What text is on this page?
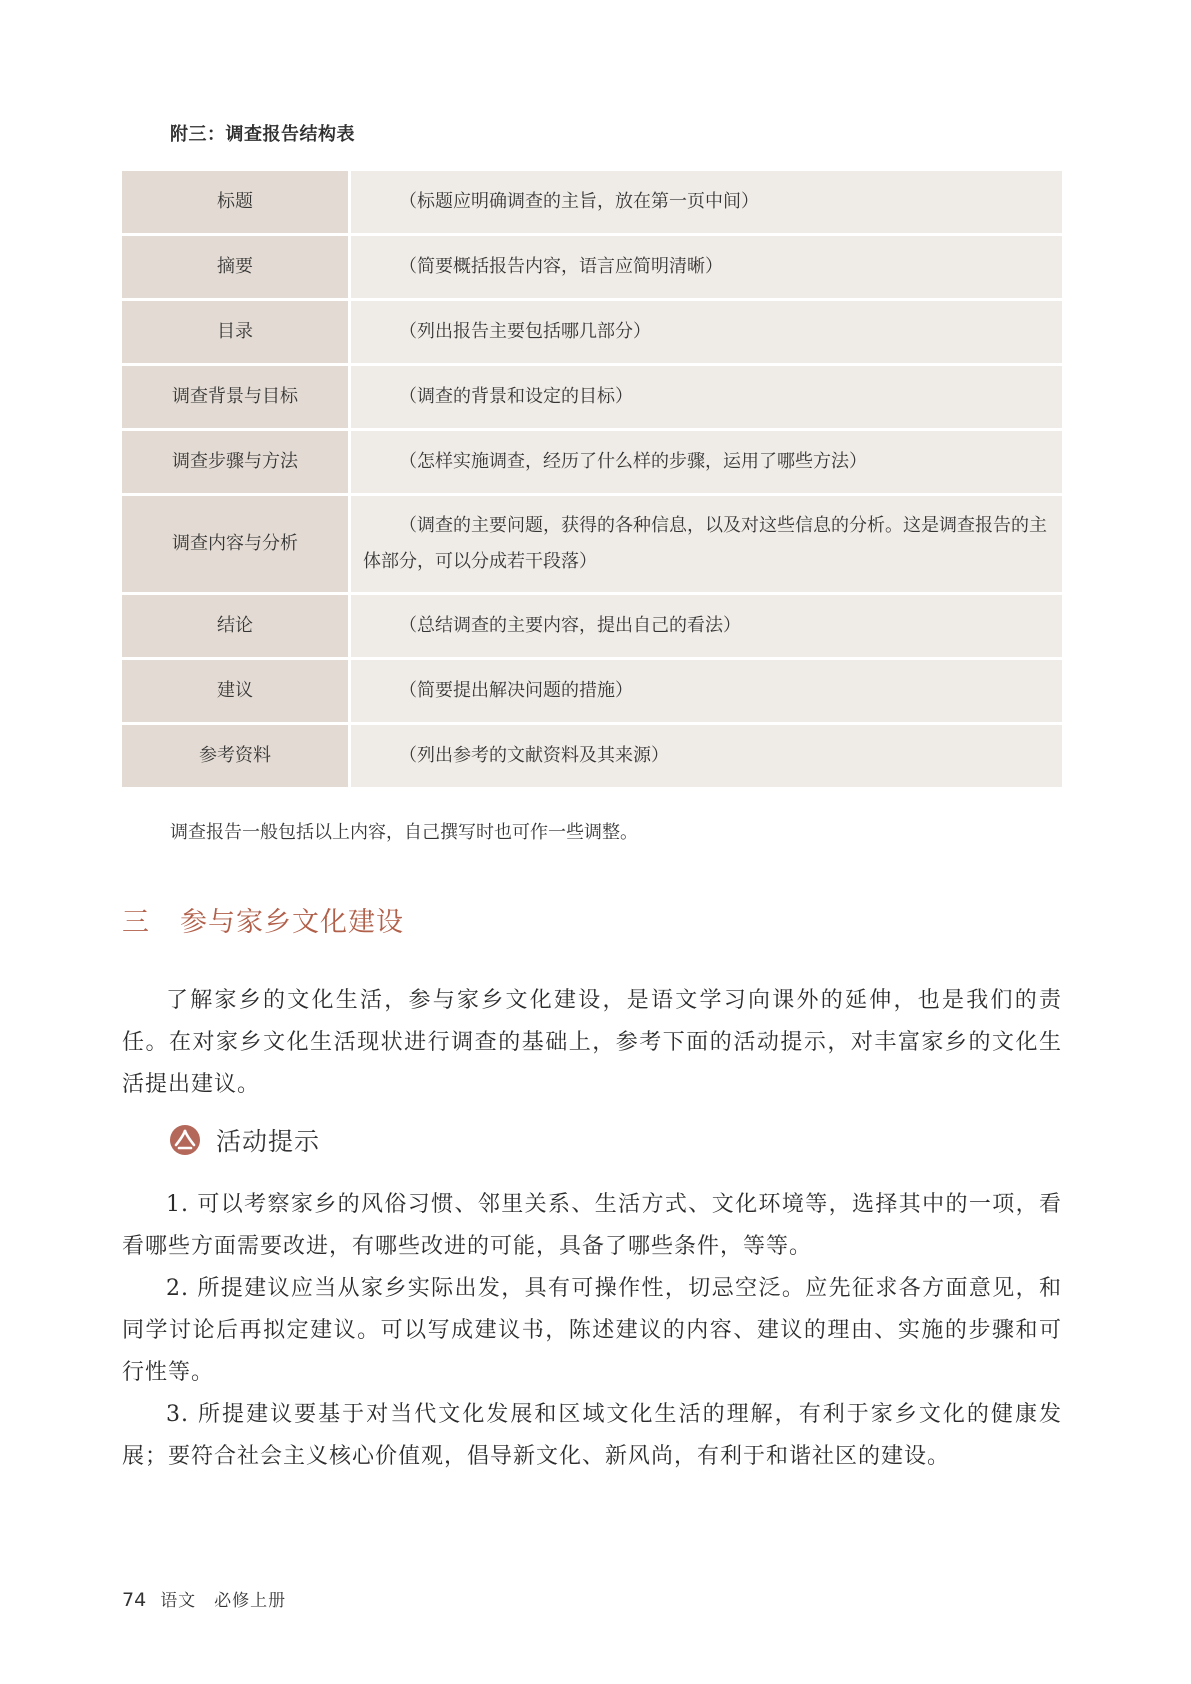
附三：调查报告结构表
标题	（标题应明确调查的主旨，放在第一页中间）

摘要	（简要概括报告内容，语言应简明清晰）

目录	（列出报告主要包括哪几部分）

调查背景与目标	（调查的背景和设定的目标）

调查步骤与方法	（怎样实施调查，经历了什么样的步骤，运用了哪些方法）

调查内容与分析	（调查的主要问题，获得的各种信息，以及对这些信息的分析。这是调查报告的主体部分，可以分成若干段落）

结论	（总结调查的主要内容，提出自己的看法）

建议	（简要提出解决问题的措施）

参考资料	（列出参考的文献资料及其来源）
调查报告一般包括以上内容，自己撰写时也可作一些调整。
三 参与家乡文化建设

了解家乡的文化生活，参与家乡文化建设，是语文学习向课外的延伸，也是我们的责任。在对家乡文化生活现状进行调查的基础上，参考下面的活动提示，对丰富家乡的文化生活提出建议。

活动提示

1. 可以考察家乡的风俗习惯、邻里关系、生活方式、文化环境等，选择其中的一项，看看哪些方面需要改进，有哪些改进的可能，具备了哪些条件，等等。

2. 所提建议应当从家乡实际出发，具有可操作性，切忌空泛。应先征求各方面意见，和同学讨论后再拟定建议。可以写成建议书，陈述建议的内容、建议的理由、实施的步骤和可行性等。

3. 所提建议要基于对当代文化发展和区域文化生活的理解，有利于家乡文化的健康发展；要符合社会主义核心价值观，倡导新文化、新风尚，有利于和谐社区的建设。

74 语文　必修上册
